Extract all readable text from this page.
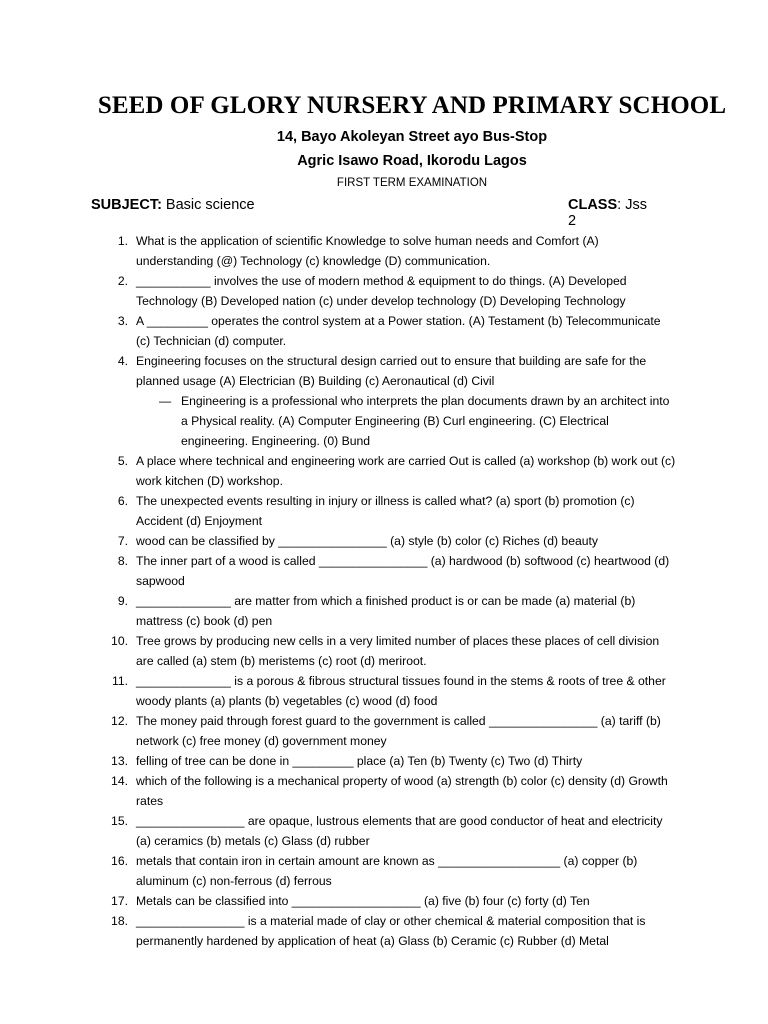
SEED OF GLORY NURSERY AND PRIMARY SCHOOL
14, Bayo Akoleyan Street ayo Bus-Stop
Agric Isawo Road, Ikorodu Lagos
FIRST TERM EXAMINATION
SUBJECT: Basic science	CLASS: Jss 2
1. What is the application of scientific Knowledge to solve human needs and Comfort (A) understanding (@) Technology (c) knowledge (D) communication.
2. ___________ involves the use of modern method & equipment to do things. (A) Developed Technology (B) Developed nation (c) under develop technology (D) Developing Technology
3. A _________ operates the control system at a Power station. (A) Testament (b) Telecommunicate (c) Technician (d) computer.
4. Engineering focuses on the structural design carried out to ensure that building are safe for the planned usage (A) Electrician (B) Building (c) Aeronautical (d) Civil
— Engineering is a professional who interprets the plan documents drawn by an architect into a Physical reality. (A) Computer Engineering (B) Curl engineering. (C) Electrical engineering. Engineering. (0) Bund
5. A place where technical and engineering work are carried Out is called (a) workshop (b) work out (c) work kitchen (D) workshop.
6. The unexpected events resulting in injury or illness is called what? (a) sport (b) promotion (c) Accident (d) Enjoyment
7. wood can be classified by ________________ (a) style (b) color (c) Riches (d) beauty
8. The inner part of a wood is called ________________ (a) hardwood (b) softwood (c) heartwood (d) sapwood
9. ______________ are matter from which a finished product is or can be made (a) material (b) mattress (c) book (d) pen
10. Tree grows by producing new cells in a very limited number of places these places of cell division are called (a) stem (b) meristems (c) root (d) meriroot.
11. ______________ is a porous & fibrous structural tissues found in the stems & roots of tree & other woody plants (a) plants (b) vegetables (c) wood (d) food
12. The money paid through forest guard to the government is called ________________ (a) tariff (b) network (c) free money (d) government money
13. felling of tree can be done in _________ place (a) Ten (b) Twenty (c) Two (d) Thirty
14. which of the following is a mechanical property of wood (a) strength (b) color (c) density (d) Growth rates
15. ________________ are opaque, lustrous elements that are good conductor of heat and electricity (a) ceramics (b) metals (c) Glass (d) rubber
16. metals that contain iron in certain amount are known as __________________ (a) copper (b) aluminum (c) non-ferrous (d) ferrous
17. Metals can be classified into ___________________ (a) five (b) four (c) forty (d) Ten
18. ________________ is a material made of clay or other chemical & material composition that is permanently hardened by application of heat (a) Glass (b) Ceramic (c) Rubber (d) Metal
